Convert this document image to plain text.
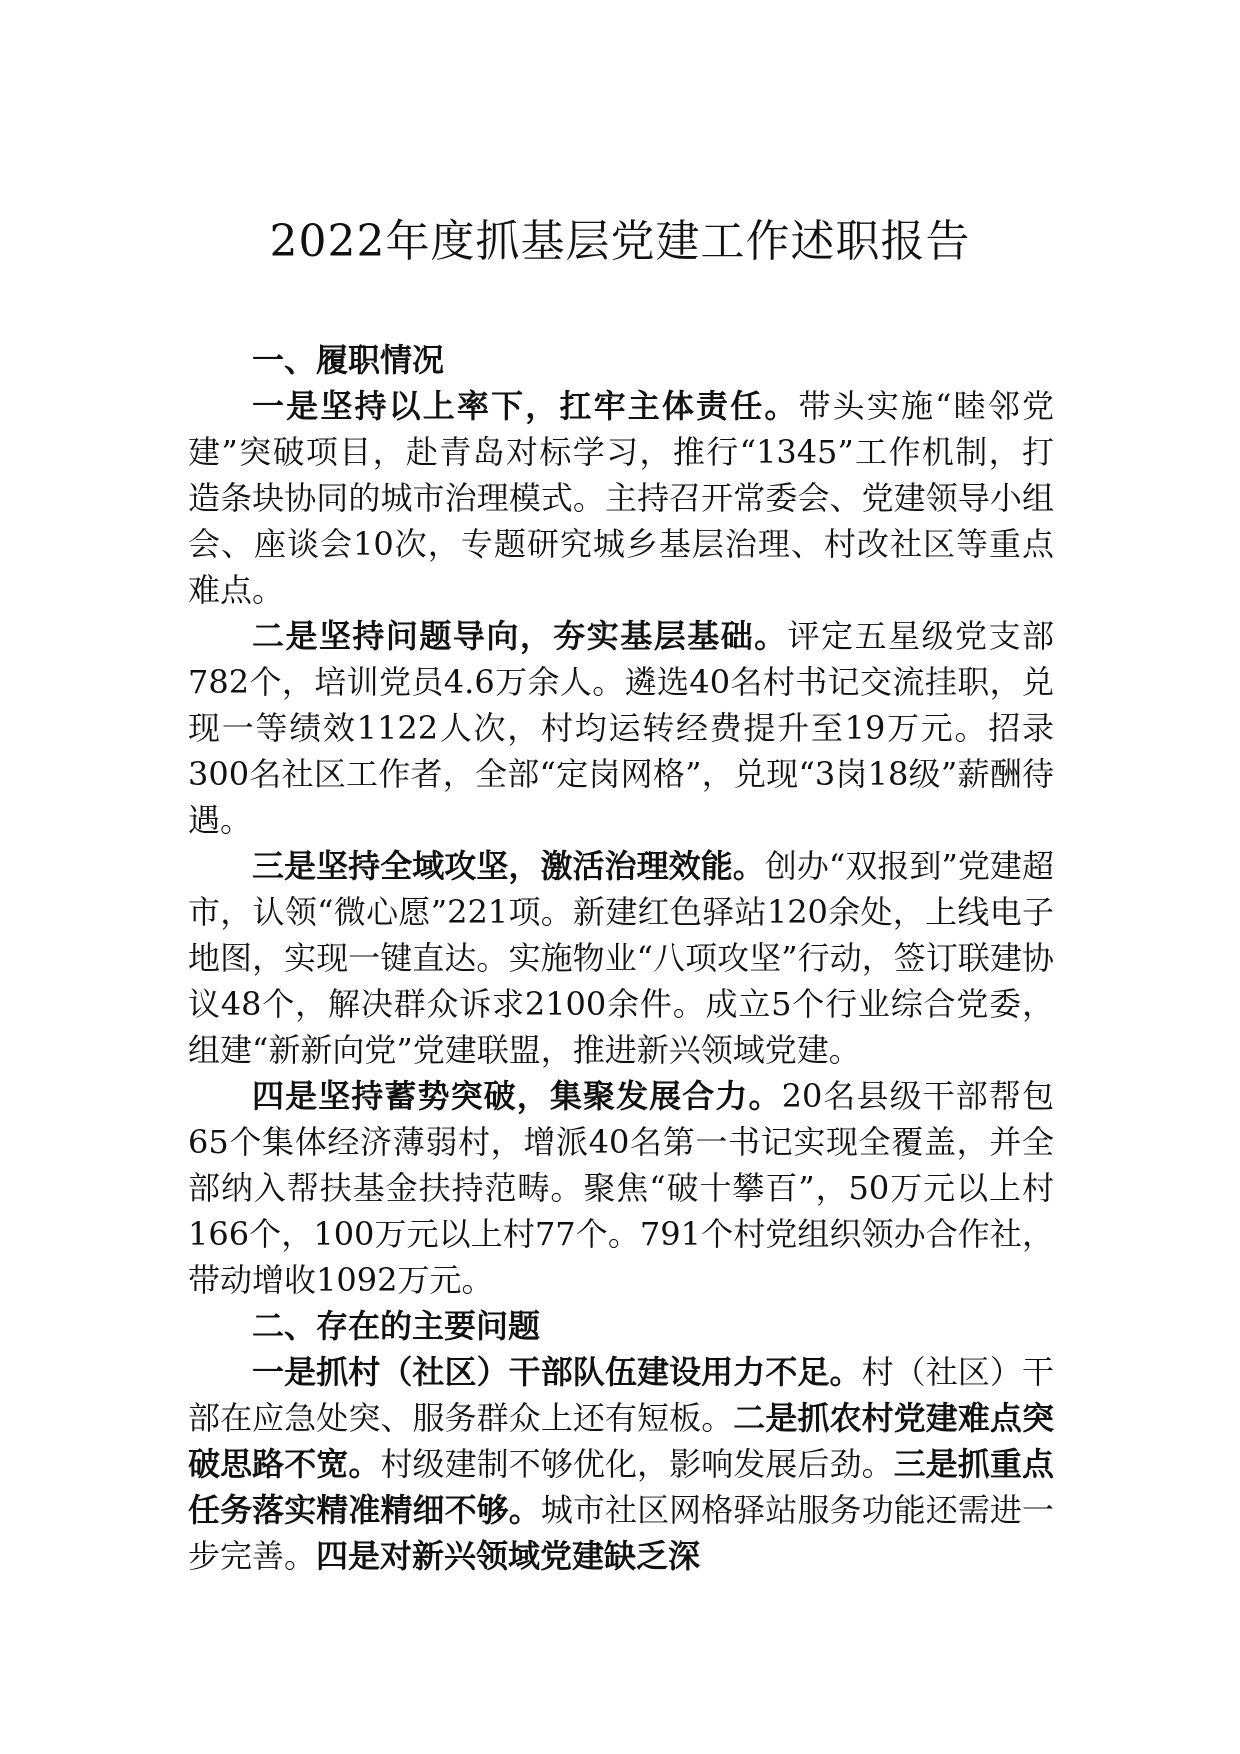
2022年度抓基层党建工作述职报告

一、履职情况

一是坚持以上率下，扛牢主体责任。带头实施“睦邻党建”突破项目，赴青岛对标学习，推行“1345”工作机制，打造条块协同的城市治理模式。主持召开常委会、党建领导小组会、座谈会10次，专题研究城乡基层治理、村改社区等重点难点。

二是坚持问题导向，夯实基层基础。评定五星级党支部782个，培训党员4.6万余人。遴选40名村书记交流挂职，兑现一等绩效1122人次，村均运转经费提升至19万元。招录300名社区工作者，全部“定岗网格”，兑现“3岗18级”薪酬待遇。

三是坚持全域攻坚，激活治理效能。创办“双报到”党建超市，认领“微心愿”221项。新建红色驿站120余处，上线电子地图，实现一键直达。实施物业“八项攻坚”行动，签订联建协议48个，解决群众诉求2100余件。成立5个行业综合党委，组建“新新向党”党建联盟，推进新兴领域党建。

四是坚持蓄势突破，集聚发展合力。20名县级干部帮包65个集体经济薄弱村，增派40名第一书记实现全覆盖，并全部纳入帮扶基金扶持范畴。聚焦“破十攀百”，50万元以上村166个，100万元以上村77个。791个村党组织领办合作社，带动增收1092万元。

二、存在的主要问题

一是抓村（社区）干部队伍建设用力不足。村（社区）干部在应急处突、服务群众上还有短板。二是抓农村党建难点突破思路不宽。村级建制不够优化，影响发展后劲。三是抓重点任务落实精准精细不够。城市社区网格驿站服务功能还需进一步完善。四是对新兴领域党建缺乏深
